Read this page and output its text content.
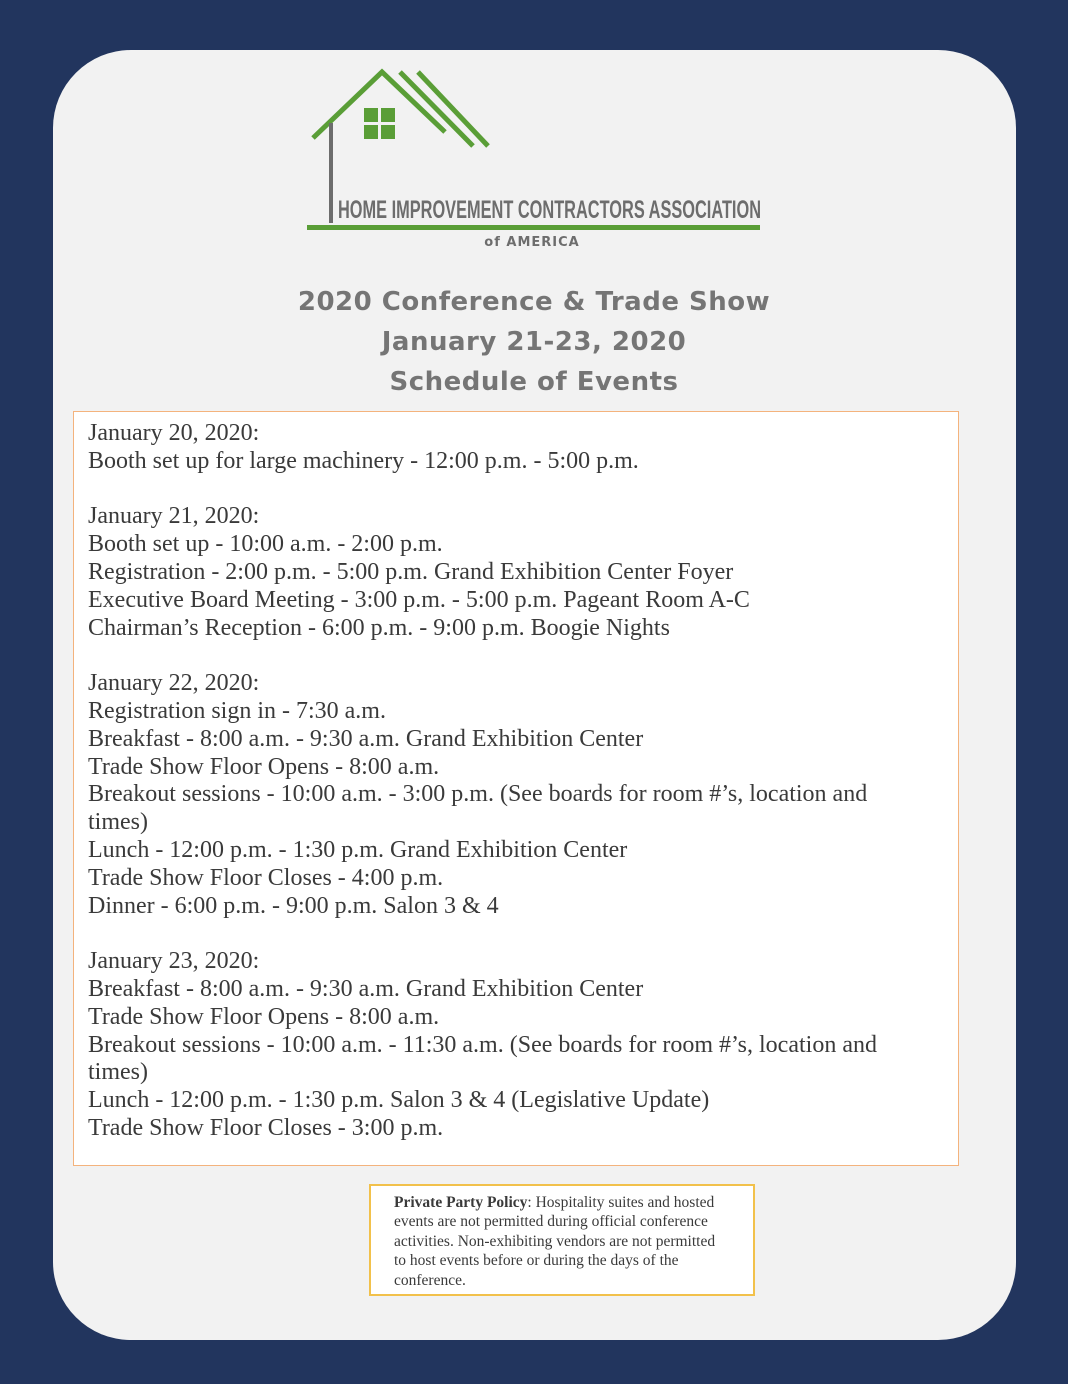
HOME IMPROVEMENT CONTRACTORS ASSOCIATION
of AMERICA
2020 Conference & Trade Show
January 21-23, 2020
Schedule of Events
January 20, 2020:
Booth set up for large machinery - 12:00 p.m. - 5:00 p.m.
January 21, 2020:
Booth set up - 10:00 a.m. - 2:00 p.m.
Registration - 2:00 p.m. - 5:00 p.m. Grand Exhibition Center Foyer
Executive Board Meeting - 3:00 p.m. - 5:00 p.m. Pageant Room A-C
Chairman’s Reception - 6:00 p.m. - 9:00 p.m. Boogie Nights
January 22, 2020:
Registration sign in - 7:30 a.m.
Breakfast - 8:00 a.m. - 9:30 a.m. Grand Exhibition Center
Trade Show Floor Opens - 8:00 a.m.
Breakout sessions - 10:00 a.m. - 3:00 p.m. (See boards for room #’s, location and times)
Lunch - 12:00 p.m. - 1:30 p.m. Grand Exhibition Center
Trade Show Floor Closes - 4:00 p.m.
Dinner - 6:00 p.m. - 9:00 p.m. Salon 3 & 4
January 23, 2020:
Breakfast - 8:00 a.m. - 9:30 a.m. Grand Exhibition Center
Trade Show Floor Opens - 8:00 a.m.
Breakout sessions - 10:00 a.m. - 11:30 a.m. (See boards for room #’s, location and times)
Lunch - 12:00 p.m. - 1:30 p.m. Salon 3 & 4 (Legislative Update)
Trade Show Floor Closes - 3:00 p.m.
Private Party Policy: Hospitality suites and hosted events are not permitted during official conference activities. Non-exhibiting vendors are not permitted to host events before or during the days of the conference.
